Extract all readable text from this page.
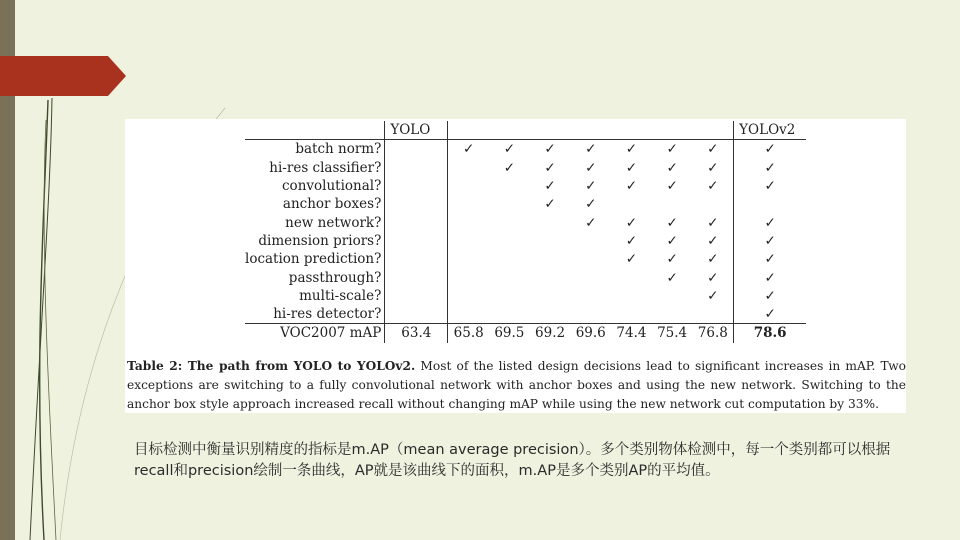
	YOLO								YOLOv2
batch norm?		✓	✓	✓	✓	✓	✓	✓	✓
hi-res classifier?			✓	✓	✓	✓	✓	✓	✓
convolutional?				✓	✓	✓	✓	✓	✓
anchor boxes?				✓	✓				
new network?					✓	✓	✓	✓	✓
dimension priors?						✓	✓	✓	✓
location prediction?						✓	✓	✓	✓
passthrough?							✓	✓	✓
multi-scale?								✓	✓
hi-res detector?									✓
VOC2007 mAP	63.4	65.8	69.5	69.2	69.6	74.4	75.4	76.8	78.6
Table 2: The path from YOLO to YOLOv2. Most of the listed design decisions lead to significant increases in mAP. Two exceptions are switching to a fully convolutional network with anchor boxes and using the new network. Switching to the anchor box style approach increased recall without changing mAP while using the new network cut computation by 33%.
目标检测中衡量识别精度的指标是m.AP（mean average precision）。多个类别物体检测中，每一个类别都可以根据recall和precision绘制一条曲线，AP就是该曲线下的面积，m.AP是多个类别AP的平均值。
